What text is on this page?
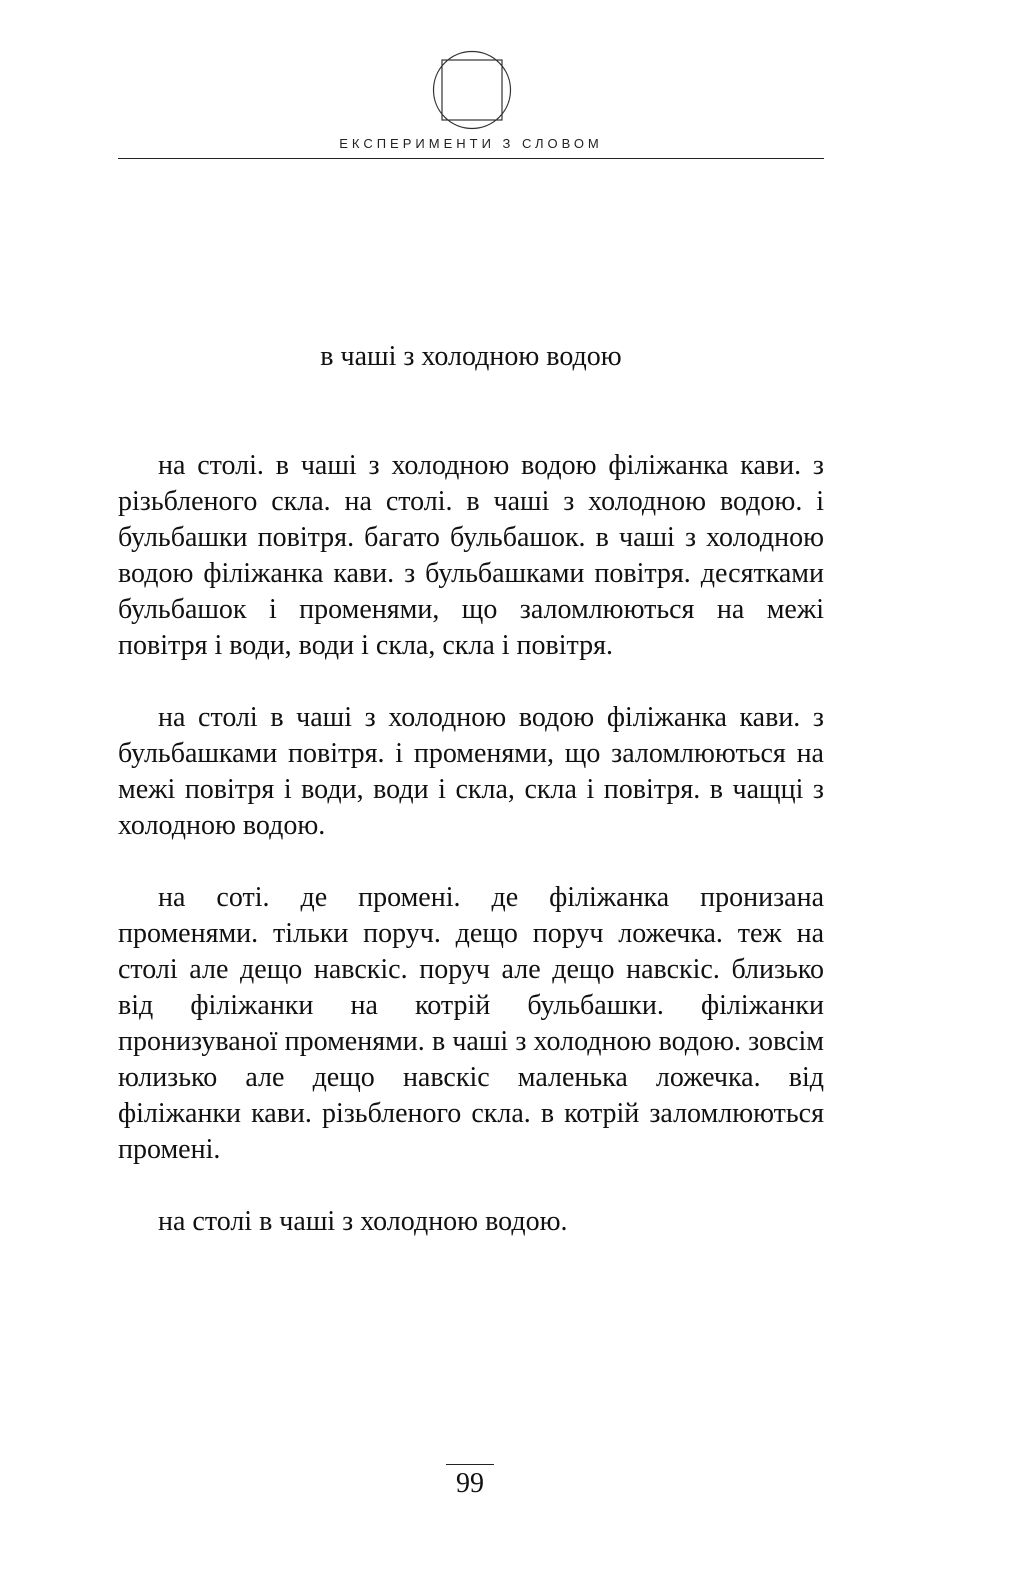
ЕКСПЕРИМЕНТИ З СЛОВОМ
в чаші з холодною водою

на столі. в чаші з холодною водою філіжанка кави. з різьбленого скла. на столі. в чаші з холодною водою. і бульбашки повітря. багато бульбашок. в чаші з холодною водою філіжанка кави. з бульбашками повітря. десятками бульбашок і променями, що заломлюються на межі повітря і води, води і скла, скла і повітря.

на столі в чаші з холодною водою філіжанка кави. з бульбашками повітря. і променями, що заломлюються на межі повітря і води, води і скла, скла і повітря. в чащці з холодною водою.

на соті. де промені. де філіжанка пронизана променями. тільки поруч. дещо поруч ложечка. теж на столі але дещо навскіс. поруч але дещо навскіс. близько від філіжанки на котрій бульбашки. філіжанки пронизуваної променями. в чаші з холодною водою. зовсім юлизько але дещо навскіс маленька ложечка. від філіжанки кави. різьбленого скла. в котрій заломлюються промені.

на столі в чаші з холодною водою.

99
